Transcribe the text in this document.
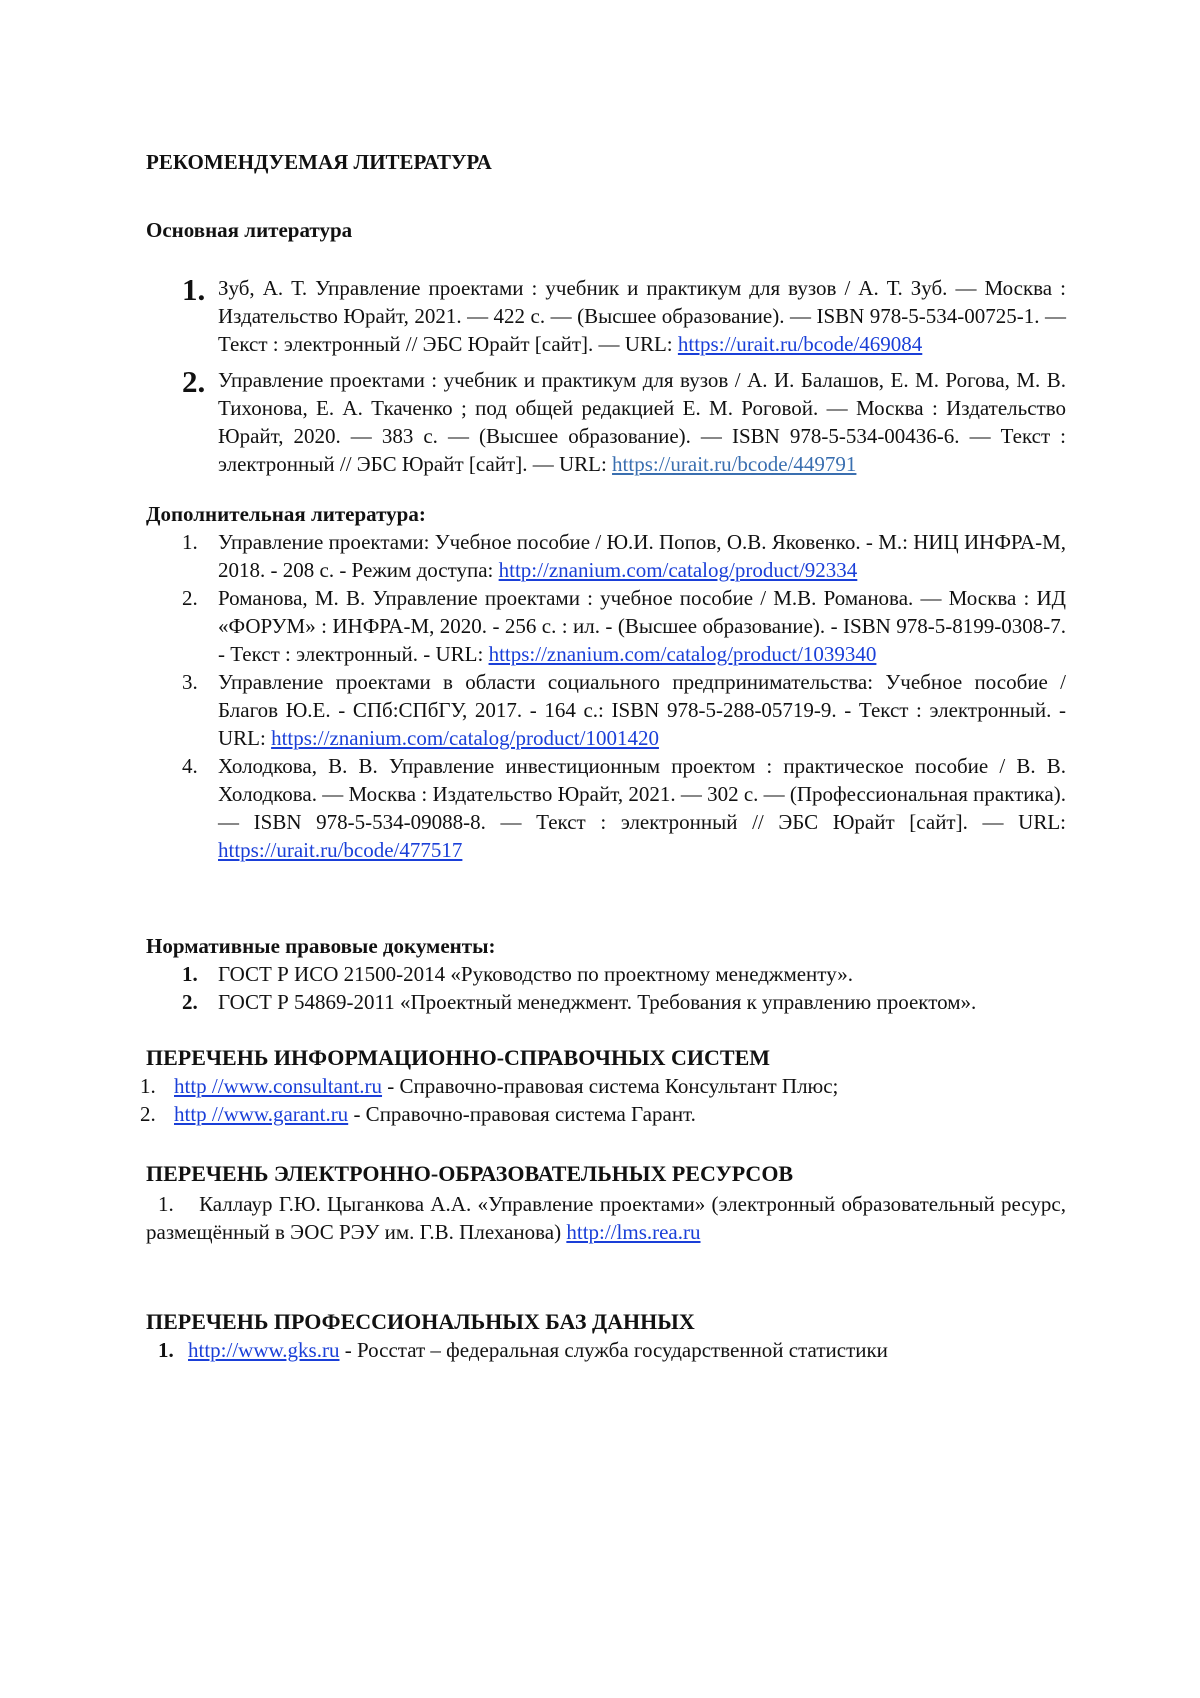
РЕКОМЕНДУЕМАЯ ЛИТЕРАТУРА

Основная литература

1. Зуб, А. Т. Управление проектами : учебник и практикум для вузов / А. Т. Зуб. — Москва : Издательство Юрайт, 2021. — 422 с. — (Высшее образование). — ISBN 978-5-534-00725-1. — Текст : электронный // ЭБС Юрайт [сайт]. — URL: https://urait.ru/bcode/469084
2. Управление проектами : учебник и практикум для вузов / А. И. Балашов, Е. М. Рогова, М. В. Тихонова, Е. А. Ткаченко ; под общей редакцией Е. М. Роговой. — Москва : Издательство Юрайт, 2020. — 383 с. — (Высшее образование). — ISBN 978-5-534-00436-6. — Текст : электронный // ЭБС Юрайт [сайт]. — URL: https://urait.ru/bcode/449791

Дополнительная литература:

1. Управление проектами: Учебное пособие / Ю.И. Попов, О.В. Яковенко. - М.: НИЦ ИНФРА-М, 2018. - 208 с. - Режим доступа: http://znanium.com/catalog/product/92334
2. Романова, М. В. Управление проектами : учебное пособие / М.В. Романова. — Москва : ИД «ФОРУМ» : ИНФРА-М, 2020. - 256 с. : ил. - (Высшее образование). - ISBN 978-5-8199-0308-7. - Текст : электронный. - URL: https://znanium.com/catalog/product/1039340
3. Управление проектами в области социального предпринимательства: Учебное пособие / Благов Ю.Е. - СПб:СПбГУ, 2017. - 164 с.: ISBN 978-5-288-05719-9. - Текст : электронный. - URL: https://znanium.com/catalog/product/1001420
4. Холодкова, В. В. Управление инвестиционным проектом : практическое пособие / В. В. Холодкова. — Москва : Издательство Юрайт, 2021. — 302 с. — (Профессиональная практика). — ISBN 978-5-534-09088-8. — Текст : электронный // ЭБС Юрайт [сайт]. — URL: https://urait.ru/bcode/477517

Нормативные правовые документы:

1. ГОСТ Р ИСО 21500-2014 «Руководство по проектному менеджменту».
2. ГОСТ Р 54869-2011 «Проектный менеджмент. Требования к управлению проектом».

ПЕРЕЧЕНЬ ИНФОРМАЦИОННО-СПРАВОЧНЫХ СИСТЕМ

1. http //www.consultant.ru - Справочно-правовая система Консультант Плюс;
2. http //www.garant.ru - Справочно-правовая система Гарант.

ПЕРЕЧЕНЬ ЭЛЕКТРОННО-ОБРАЗОВАТЕЛЬНЫХ РЕСУРСОВ

1. Каллаур Г.Ю. Цыганкова А.А. «Управление проектами» (электронный образовательный ресурс, размещённый в ЭОС РЭУ им. Г.В. Плеханова) http://lms.rea.ru

ПЕРЕЧЕНЬ ПРОФЕССИОНАЛЬНЫХ БАЗ ДАННЫХ

1. http://www.gks.ru - Росстат – федеральная служба государственной статистики
